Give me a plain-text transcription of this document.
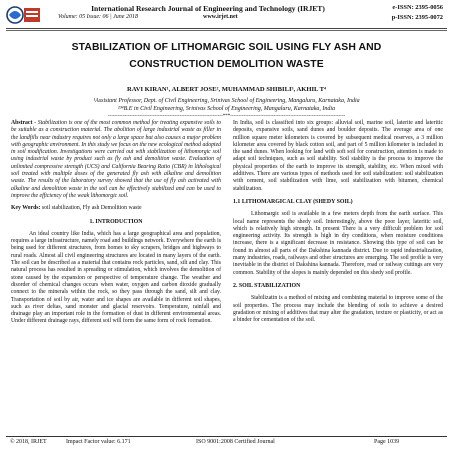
International Research Journal of Engineering and Technology (IRJET)
Volume: 05 Issue: 06 | June 2018	www.irjet.net
e-ISSN: 2395-0056
p-ISSN: 2395-0072
STABILIZATION OF LITHOMARGIC SOIL USING FLY ASH AND
CONSTRUCTION DEMOLITION WASTE
RAVI KIRAN¹, ALBERT JOSE², MUHAMMAD SHIBILI³, AKHIL T⁴
¹Assistant Professor, Dept. of Civil Engineering, Srinivas School of Engineering, Mangaluru, Karnataka, India
²³⁴B.E in Civil Engineering, Srinivas School of Engineering, Mangaluru, Karnataka, India
---------------------------------------------------------------------***---------------------------------------------------------------------

Abstract - Stabilization is one of the most common method for treating expansive soils to be suitable as a construction material. The abolition of large industrial waste as filler in the landfills near industry requires not only a large space but also causes a major problem with geographic environment. In this study we focus on the new ecological method adopted in soil modification. Investigations were carried out with stabilization of lithomorgic soil using industrial waste by product such as fly ash and demolition waste. Evaluation of unlimited compressive strength (UCS) and California Bearing Ratio (CBR) in lithological soil treated with multiple doses of the generated fly ash with alkaline and demolition waste. The results of the laboratory survey showed that the use of fly ash activated with alkaline and demolition waste in the soil can be effectively stabilized and can be used to improve the efficiency of the weak lithomorgic soil.

Key Words: soil stabilization, Fly ash Demolition waste

1. INTRODUCTION

An ideal country like India, which has a large geographical area and population, requires a large infrastructure, namely road and buildings network. Everywhere the earth is being used for different structures, from homes to sky scrapers, bridges and highways to rural roads. Almost all civil engineering structures are located in many layers of the earth. The soil can be described as a material that contains rock particles, sand, silt and clay. This natural process has resulted in spreading or stimulation, which involves the demolition of stone caused by the expansion or perspective of temperature change. The weather and disorder of chemical changes occurs when water, oxygen and carbon dioxide gradually connect to the minerals within the rock, so they pass through the sand, silt and clay. Transportation of soil by air, water and ice shapes are available in different soil shapes, such as river deltas, sand monster and glacial reservoirs. Temperature, rainfall and drainage play an important role in the formation of dust in different environmental areas. Under different drainage rays, different soil will form the same form of rock formation.

In India, soil is classified into six groups: alluvial soil, marine soil, laterite and lateritic deposits, expansive soils, sand dunes and boulder deposits. The average area of one million square meter kilometers is covered by subsequent medical reserves, a 3 million kilometer area covered by black cotton soil, and part of 5 million kilometer is included in the sand dunes. When looking for land with soft soil for construction, attention is made to adapt soil techniques, such as soil stability. Soil stability is the process to improve the physical properties of the earth to improve its strength, stability, etc. When mixed with additives. There are various types of methods used for soil stabilization: soil stabilization with cement, soil stabilization with lime, soil stabilization with bitumen, chemical stabilization.

1.1 LITHOMARGICAL CLAY (SHEDY SOIL)

Lithomargic soil is available in a few meters depth from the earth surface. This local name represents the shedy soil. Interestingly, above the poor layer, lateritic soil, which is relatively high strength. In present There is a very difficult problem for soil engineering activity. Its strength is high in dry conditions, when moisture conditions increase, there is a significant decrease in resistance. Showing this type of soil can be found in almost all parts of the Dakshina kannada district. Due to rapid industrialization, many industries, roads, railways and other structures are emerging. The soil profile is very inevitable in the district of Dakshina kannada. Therefore, road or railway cuttings are very common. Stability of the slopes is mainly depended on this shedy soil profile.

2. SOIL STABILIZATION

Stabilizatin is a method of mixing and combining material to improve some of the soil properties. The process may include the blending of soils to achieve a desired gradation or mixing of additives that may alter the gradation, texture or plasticity, or act as a binder for cementation of the soil.

© 2018, IRJET	Impact Factor value: 6.171	ISO 9001:2008 Certified Journal	Page 1039
